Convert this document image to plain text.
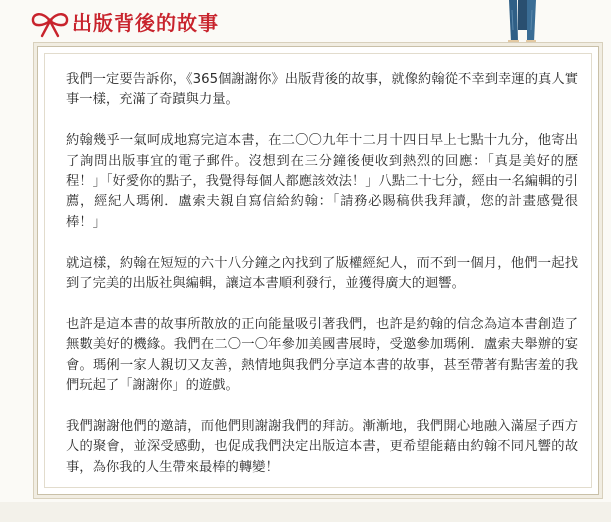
出版背後的故事

我們一定要告訴你，《365個謝謝你》出版背後的故事，就像約翰從不幸到幸運的真人實事一樣，充滿了奇蹟與力量。

約翰幾乎一氣呵成地寫完這本書，在二〇〇九年十二月十四日早上七點十九分，他寄出了詢問出版事宜的電子郵件。沒想到在三分鐘後便收到熱烈的回應：「真是美好的歷程！」「好愛你的點子，我覺得每個人都應該效法！」八點二十七分，經由一名編輯的引薦，經紀人瑪俐．盧索夫親自寫信給約翰：「請務必賜稿供我拜讀，您的計畫感覺很棒！」

就這樣，約翰在短短的六十八分鐘之內找到了版權經紀人，而不到一個月，他們一起找到了完美的出版社與編輯，讓這本書順利發行，並獲得廣大的迴響。

也許是這本書的故事所散放的正向能量吸引著我們，也許是約翰的信念為這本書創造了無數美好的機緣。我們在二〇一〇年參加美國書展時，受邀參加瑪俐．盧索夫舉辦的宴會。瑪俐一家人親切又友善，熱情地與我們分享這本書的故事，甚至帶著有點害羞的我們玩起了「謝謝你」的遊戲。

我們謝謝他們的邀請，而他們則謝謝我們的拜訪。漸漸地，我們開心地融入滿屋子西方人的聚會，並深受感動，也促成我們決定出版這本書，更希望能藉由約翰不同凡響的故事，為你我的人生帶來最棒的轉變！
